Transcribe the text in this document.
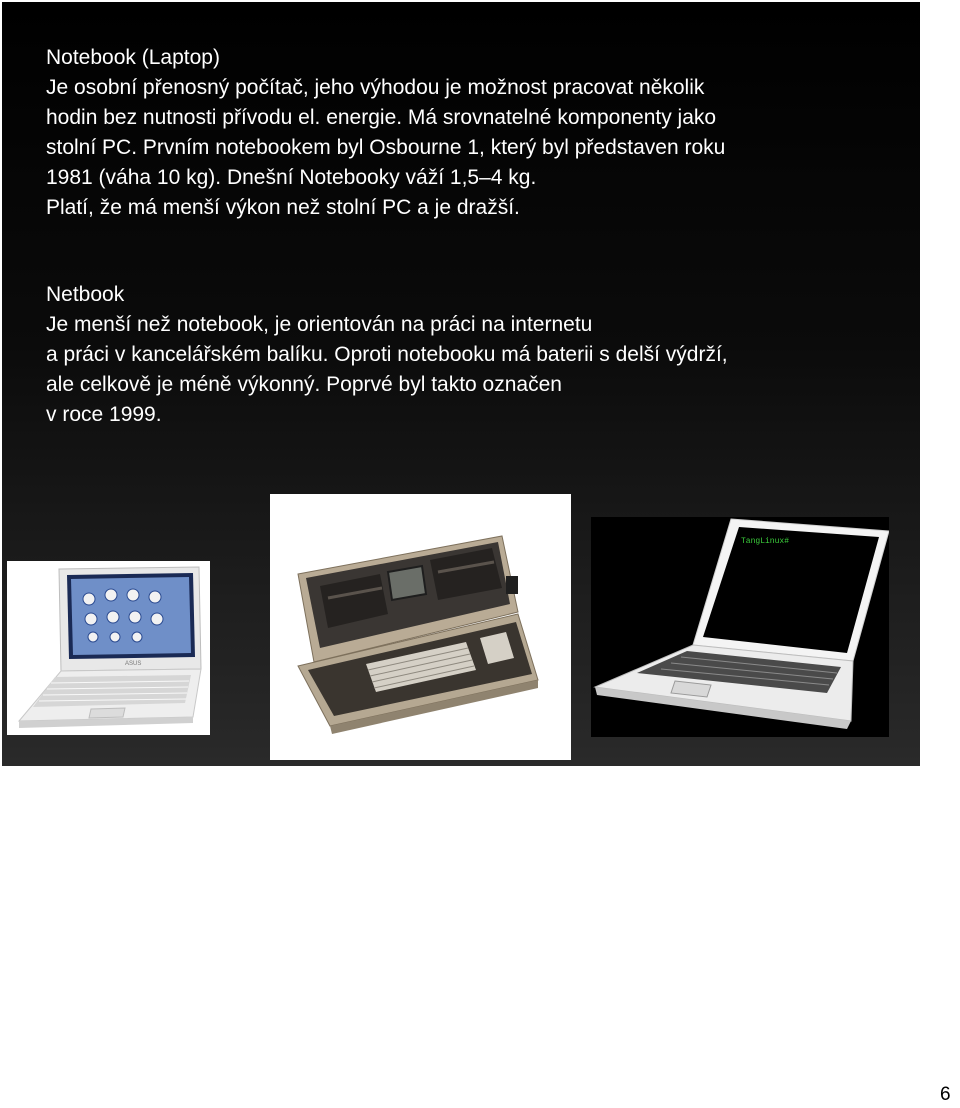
Notebook (Laptop)
Je osobní přenosný počítač, jeho výhodou je možnost pracovat několik
hodin bez nutnosti přívodu el. energie. Má srovnatelné komponenty jako
stolní PC. Prvním notebookem byl Osbourne 1, který byl představen roku
1981 (váha 10 kg). Dnešní Notebooky váží 1,5–4 kg.
Platí, že má menší výkon než stolní PC a je dražší.
Netbook
Je menší než notebook, je orientován na práci na internetu
a práci v kancelářském balíku. Oproti notebooku má baterii s delší výdrží,
ale celkově je méně výkonný. Poprvé byl takto označen
v roce 1999.
ASUS
TangLinux#
6
